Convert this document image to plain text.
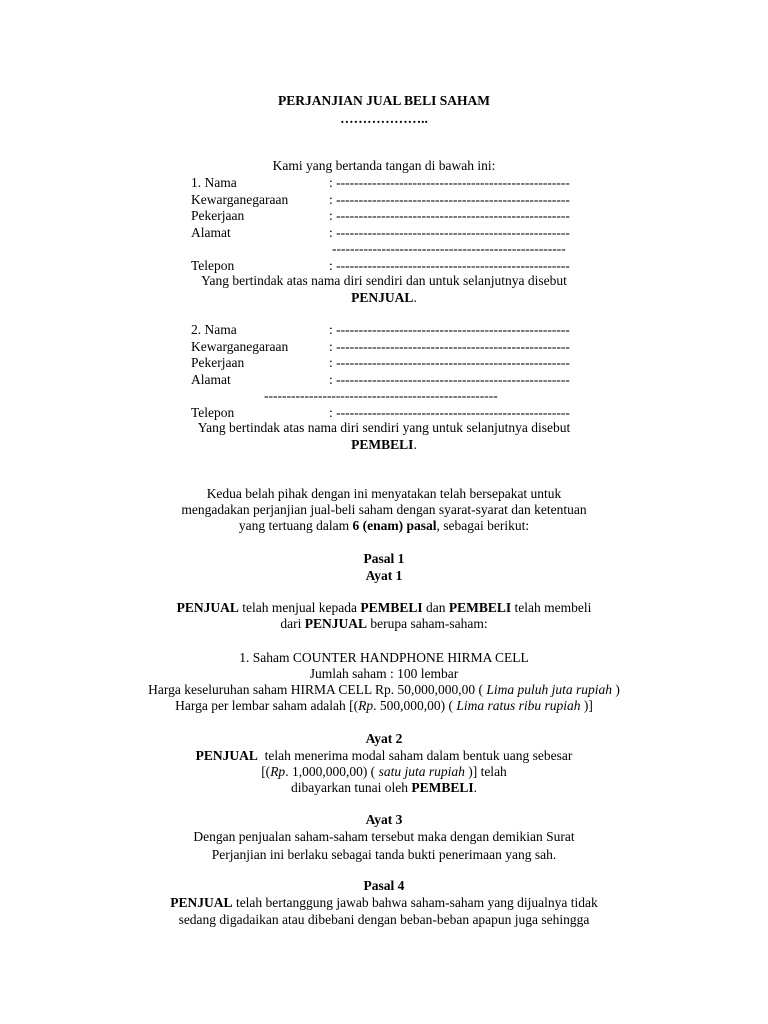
PERJANJIAN JUAL BELI SAHAM
………………..
Kami yang bertanda tangan di bawah ini:
1. Nama	: ----------------------------------------------------
Kewarganegaraan	: ----------------------------------------------------
Pekerjaan	: ----------------------------------------------------
Alamat	: ----------------------------------------------------
----------------------------------------------------
Telepon	: ----------------------------------------------------
Yang bertindak atas nama diri sendiri dan untuk selanjutnya disebut
PENJUAL.
2. Nama	: ----------------------------------------------------
Kewarganegaraan	: ----------------------------------------------------
Pekerjaan	: ----------------------------------------------------
Alamat	: ----------------------------------------------------
----------------------------------------------------
Telepon	: ----------------------------------------------------
Yang bertindak atas nama diri sendiri yang untuk selanjutnya disebut
PEMBELI.
Kedua belah pihak dengan ini menyatakan telah bersepakat untuk
mengadakan perjanjian jual-beli saham dengan syarat-syarat dan ketentuan
yang tertuang dalam 6 (enam) pasal, sebagai berikut:
Pasal 1
Ayat 1
PENJUAL telah menjual kepada PEMBELI dan PEMBELI telah membeli
dari PENJUAL berupa saham-saham:
1. Saham COUNTER HANDPHONE HIRMA CELL
Jumlah saham : 100 lembar
Harga keseluruhan saham HIRMA CELL Rp. 50,000,000,00 ( Lima puluh juta rupiah )
Harga per lembar saham adalah [(Rp. 500,000,00) ( Lima ratus ribu rupiah )]
Ayat 2
PENJUAL  telah menerima modal saham dalam bentuk uang sebesar
[(Rp. 1,000,000,00) ( satu juta rupiah )] telah
dibayarkan tunai oleh PEMBELI.
Ayat 3
Dengan penjualan saham-saham tersebut maka dengan demikian Surat
Perjanjian ini berlaku sebagai tanda bukti penerimaan yang sah.
Pasal 4
PENJUAL telah bertanggung jawab bahwa saham-saham yang dijualnya tidak
sedang digadaikan atau dibebani dengan beban-beban apapun juga sehingga
